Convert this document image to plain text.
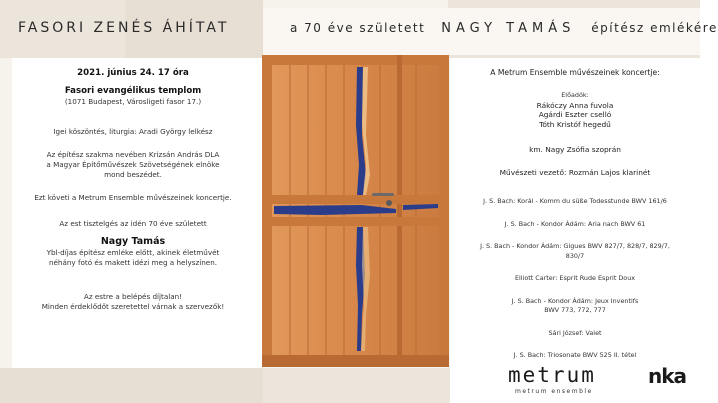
FASORI ZENÉS ÁHÍTAT	a 70 éve született NAGY TAMÁS építész emlékére

2021. június 24. 17 óra

Fasori evangélikus templom

(1071 Budapest, Városligeti fasor 17.)

Igei köszöntés, liturgia: Aradi György lelkész

Az építész szakma nevében Krizsán András DLA

a Magyar Építőművészek Szövetségének elnöke

mond beszédet.

Ezt követi a Metrum Ensemble művészeinek koncertje.

Az est tisztelgés az idén 70 éve született

Nagy Tamás

Ybl-díjas építész emléke előtt, akinek életművét

néhány fotó és makett idézi meg a helyszínen.

Az estre a belépés díjtalan!

Minden érdeklődőt szeretettel várnak a szervezők!

A Metrum Ensemble művészeinek koncertje:

Előadók:

Rákóczy Anna fuvola

Agárdi Eszter cselló

Tóth Kristóf hegedű

km. Nagy Zsófia szoprán

Művészeti vezető: Rozmán Lajos klarinét

J. S. Bach: Korál - Komm du süße Todesstunde BWV 161/6

J. S. Bach - Kondor Ádám: Aria nach BWV 61

J. S. Bach - Kondor Ádám: Gigues BWV 827/7, 828/7, 829/7,

830/7

Elliott Carter: Esprit Rude Esprit Doux

J. S. Bach - Kondor Ádám: Jeux Inventifs

BWV 773, 772, 777

Sári József: Valet

J. S. Bach: Triosonate BWV 525 II. tétel

metrum
metrum ensemble
nka
